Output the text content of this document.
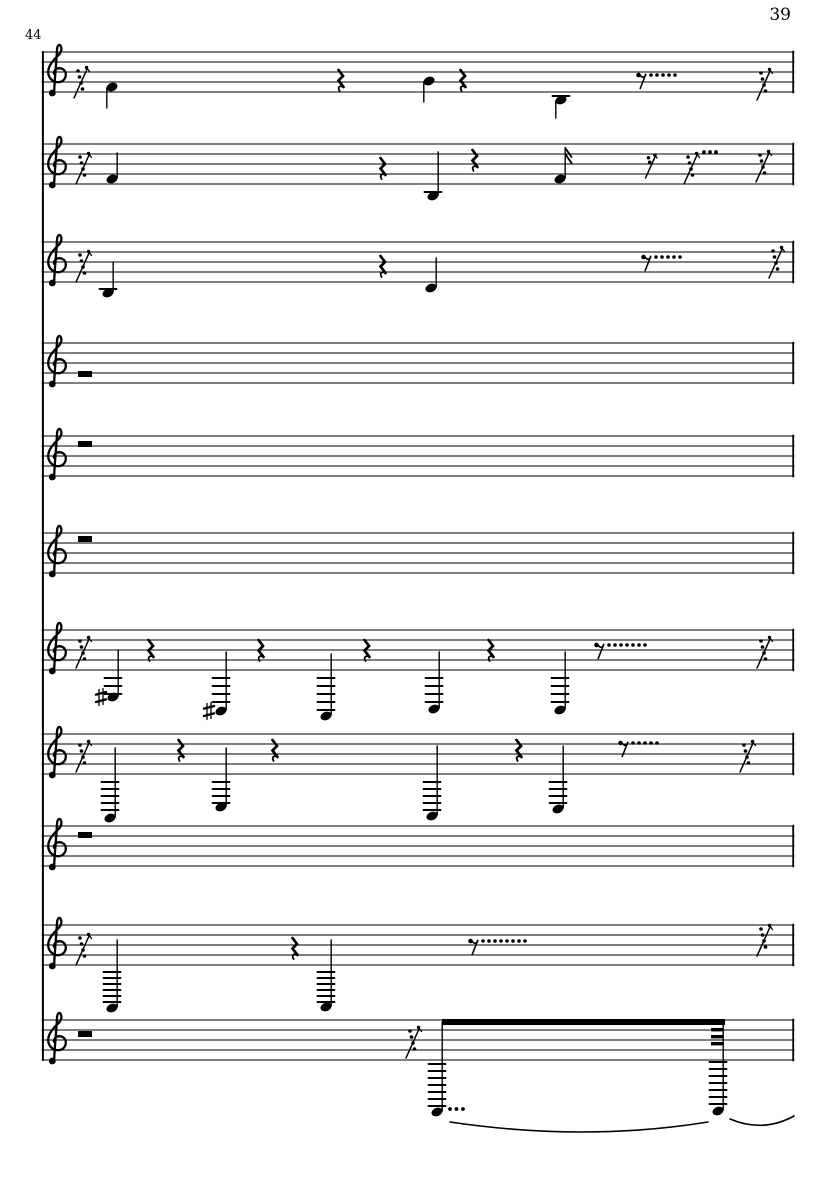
39
44
